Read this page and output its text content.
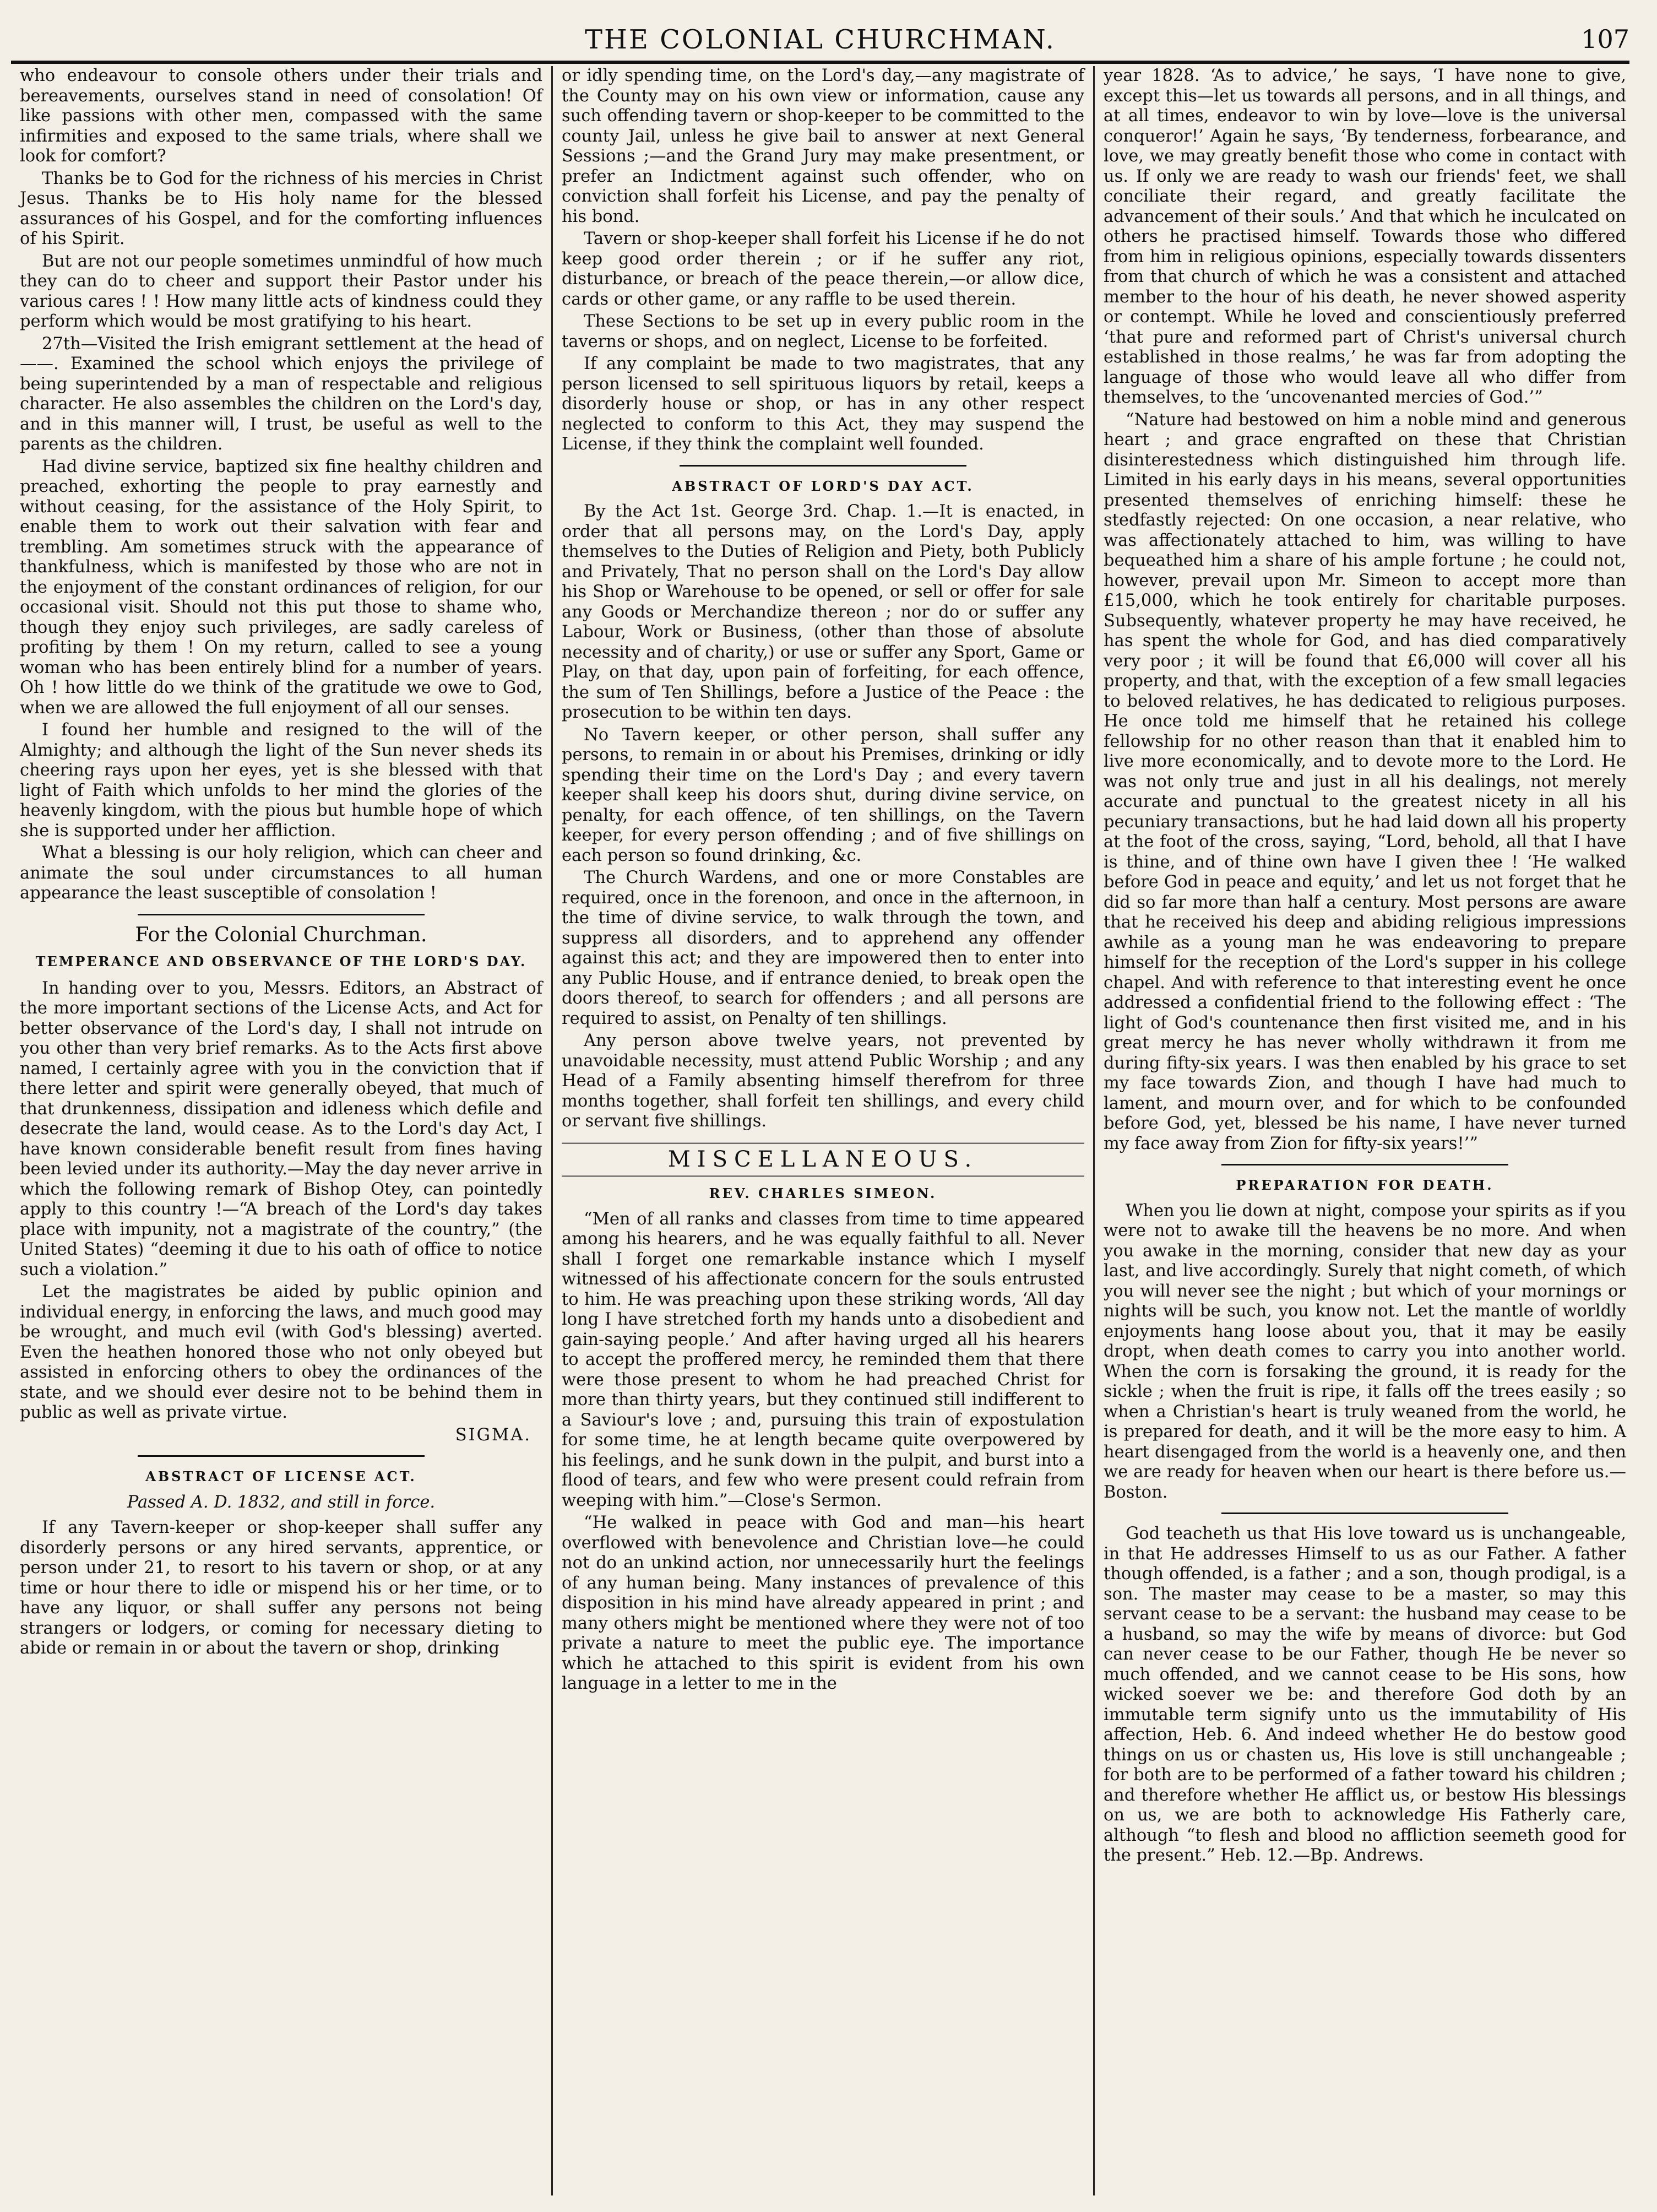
THE COLONIAL CHURCHMAN.	107

who endeavour to console others under their trials and bereavements, ourselves stand in need of consolation! Of like passions with other men, compassed with the same infirmities and exposed to the same trials, where shall we look for comfort?

Thanks be to God for the richness of his mercies in Christ Jesus. Thanks be to His holy name for the blessed assurances of his Gospel, and for the comforting influences of his Spirit.

But are not our people sometimes unmindful of how much they can do to cheer and support their Pastor under his various cares ! ! How many little acts of kindness could they perform which would be most gratifying to his heart.

27th—Visited the Irish emigrant settlement at the head of ——. Examined the school which enjoys the privilege of being superintended by a man of respectable and religious character. He also assembles the children on the Lord's day, and in this manner will, I trust, be useful as well to the parents as the children.

Had divine service, baptized six fine healthy children and preached, exhorting the people to pray earnestly and without ceasing, for the assistance of the Holy Spirit, to enable them to work out their salvation with fear and trembling. Am sometimes struck with the appearance of thankfulness, which is manifested by those who are not in the enjoyment of the constant ordinances of religion, for our occasional visit. Should not this put those to shame who, though they enjoy such privileges, are sadly careless of profiting by them ! On my return, called to see a young woman who has been entirely blind for a number of years. Oh ! how little do we think of the gratitude we owe to God, when we are allowed the full enjoyment of all our senses.

I found her humble and resigned to the will of the Almighty; and although the light of the Sun never sheds its cheering rays upon her eyes, yet is she blessed with that light of Faith which unfolds to her mind the glories of the heavenly kingdom, with the pious but humble hope of which she is supported under her affliction.

What a blessing is our holy religion, which can cheer and animate the soul under circumstances to all human appearance the least susceptible of consolation !

For the Colonial Churchman.
TEMPERANCE AND OBSERVANCE OF THE LORD'S DAY.

In handing over to you, Messrs. Editors, an Abstract of the more important sections of the License Acts, and Act for better observance of the Lord's day, I shall not intrude on you other than very brief remarks. As to the Acts first above named, I certainly agree with you in the conviction that if there letter and spirit were generally obeyed, that much of that drunkenness, dissipation and idleness which defile and desecrate the land, would cease. As to the Lord's day Act, I have known considerable benefit result from fines having been levied under its authority.—May the day never arrive in which the following remark of Bishop Otey, can pointedly apply to this country !—“A breach of the Lord's day takes place with impunity, not a magistrate of the country,” (the United States) “deeming it due to his oath of office to notice such a violation.”

Let the magistrates be aided by public opinion and individual energy, in enforcing the laws, and much good may be wrought, and much evil (with God's blessing) averted. Even the heathen honored those who not only obeyed but assisted in enforcing others to obey the ordinances of the state, and we should ever desire not to be behind them in public as well as private virtue.

SIGMA.
ABSTRACT OF LICENSE ACT.
Passed A. D. 1832, and still in force.

If any Tavern-keeper or shop-keeper shall suffer any disorderly persons or any hired servants, apprentice, or person under 21, to resort to his tavern or shop, or at any time or hour there to idle or mispend his or her time, or to have any liquor, or shall suffer any persons not being strangers or lodgers, or coming for necessary dieting to abide or remain in or about the tavern or shop, drinking

or idly spending time, on the Lord's day,—any magistrate of the County may on his own view or information, cause any such offending tavern or shop-keeper to be committed to the county Jail, unless he give bail to answer at next General Sessions ;—and the Grand Jury may make presentment, or prefer an Indictment against such offender, who on conviction shall forfeit his License, and pay the penalty of his bond.

Tavern or shop-keeper shall forfeit his License if he do not keep good order therein ; or if he suffer any riot, disturbance, or breach of the peace therein,—or allow dice, cards or other game, or any raffle to be used therein.

These Sections to be set up in every public room in the taverns or shops, and on neglect, License to be forfeited.

If any complaint be made to two magistrates, that any person licensed to sell spirituous liquors by retail, keeps a disorderly house or shop, or has in any other respect neglected to conform to this Act, they may suspend the License, if they think the complaint well founded.

ABSTRACT OF LORD'S DAY ACT.

By the Act 1st. George 3rd. Chap. 1.—It is enacted, in order that all persons may, on the Lord's Day, apply themselves to the Duties of Religion and Piety, both Publicly and Privately, That no person shall on the Lord's Day allow his Shop or Warehouse to be opened, or sell or offer for sale any Goods or Merchandize thereon ; nor do or suffer any Labour, Work or Business, (other than those of absolute necessity and of charity,) or use or suffer any Sport, Game or Play, on that day, upon pain of forfeiting, for each offence, the sum of Ten Shillings, before a Justice of the Peace : the prosecution to be within ten days.

No Tavern keeper, or other person, shall suffer any persons, to remain in or about his Premises, drinking or idly spending their time on the Lord's Day ; and every tavern keeper shall keep his doors shut, during divine service, on penalty, for each offence, of ten shillings, on the Tavern keeper, for every person offending ; and of five shillings on each person so found drinking, &c.

The Church Wardens, and one or more Constables are required, once in the forenoon, and once in the afternoon, in the time of divine service, to walk through the town, and suppress all disorders, and to apprehend any offender against this act; and they are impowered then to enter into any Public House, and if entrance denied, to break open the doors thereof, to search for offenders ; and all persons are required to assist, on Penalty of ten shillings.

Any person above twelve years, not prevented by unavoidable necessity, must attend Public Worship ; and any Head of a Family absenting himself therefrom for three months together, shall forfeit ten shillings, and every child or servant five shillings.

MISCELLANEOUS.
REV. CHARLES SIMEON.

“Men of all ranks and classes from time to time appeared among his hearers, and he was equally faithful to all. Never shall I forget one remarkable instance which I myself witnessed of his affectionate concern for the souls entrusted to him. He was preaching upon these striking words, ‘All day long I have stretched forth my hands unto a disobedient and gain-saying people.’ And after having urged all his hearers to accept the proffered mercy, he reminded them that there were those present to whom he had preached Christ for more than thirty years, but they continued still indifferent to a Saviour's love ; and, pursuing this train of expostulation for some time, he at length became quite overpowered by his feelings, and he sunk down in the pulpit, and burst into a flood of tears, and few who were present could refrain from weeping with him.”—Close's Sermon.

“He walked in peace with God and man—his heart overflowed with benevolence and Christian love—he could not do an unkind action, nor unnecessarily hurt the feelings of any human being. Many instances of prevalence of this disposition in his mind have already appeared in print ; and many others might be mentioned where they were not of too private a nature to meet the public eye. The importance which he attached to this spirit is evident from his own language in a letter to me in the

year 1828. ‘As to advice,’ he says, ‘I have none to give, except this—let us towards all persons, and in all things, and at all times, endeavor to win by love—love is the universal conqueror!’ Again he says, ‘By tenderness, forbearance, and love, we may greatly benefit those who come in contact with us. If only we are ready to wash our friends' feet, we shall conciliate their regard, and greatly facilitate the advancement of their souls.’ And that which he inculcated on others he practised himself. Towards those who differed from him in religious opinions, especially towards dissenters from that church of which he was a consistent and attached member to the hour of his death, he never showed asperity or contempt. While he loved and conscientiously preferred ‘that pure and reformed part of Christ's universal church established in those realms,’ he was far from adopting the language of those who would leave all who differ from themselves, to the ‘uncovenanted mercies of God.’”

“Nature had bestowed on him a noble mind and generous heart ; and grace engrafted on these that Christian disinterestedness which distinguished him through life. Limited in his early days in his means, several opportunities presented themselves of enriching himself: these he stedfastly rejected: On one occasion, a near relative, who was affectionately attached to him, was willing to have bequeathed him a share of his ample fortune ; he could not, however, prevail upon Mr. Simeon to accept more than £15,000, which he took entirely for charitable purposes. Subsequently, whatever property he may have received, he has spent the whole for God, and has died comparatively very poor ; it will be found that £6,000 will cover all his property, and that, with the exception of a few small legacies to beloved relatives, he has dedicated to religious purposes. He once told me himself that he retained his college fellowship for no other reason than that it enabled him to live more economically, and to devote more to the Lord. He was not only true and just in all his dealings, not merely accurate and punctual to the greatest nicety in all his pecuniary transactions, but he had laid down all his property at the foot of the cross, saying, “Lord, behold, all that I have is thine, and of thine own have I given thee ! ‘He walked before God in peace and equity,’ and let us not forget that he did so far more than half a century. Most persons are aware that he received his deep and abiding religious impressions awhile as a young man he was endeavoring to prepare himself for the reception of the Lord's supper in his college chapel. And with reference to that interesting event he once addressed a confidential friend to the following effect : ‘The light of God's countenance then first visited me, and in his great mercy he has never wholly withdrawn it from me during fifty-six years. I was then enabled by his grace to set my face towards Zion, and though I have had much to lament, and mourn over, and for which to be confounded before God, yet, blessed be his name, I have never turned my face away from Zion for fifty-six years!’”

PREPARATION FOR DEATH.

When you lie down at night, compose your spirits as if you were not to awake till the heavens be no more. And when you awake in the morning, consider that new day as your last, and live accordingly. Surely that night cometh, of which you will never see the night ; but which of your mornings or nights will be such, you know not. Let the mantle of worldly enjoyments hang loose about you, that it may be easily dropt, when death comes to carry you into another world. When the corn is forsaking the ground, it is ready for the sickle ; when the fruit is ripe, it falls off the trees easily ; so when a Christian's heart is truly weaned from the world, he is prepared for death, and it will be the more easy to him. A heart disengaged from the world is a heavenly one, and then we are ready for heaven when our heart is there before us.—Boston.

God teacheth us that His love toward us is unchangeable, in that He addresses Himself to us as our Father. A father though offended, is a father ; and a son, though prodigal, is a son. The master may cease to be a master, so may this servant cease to be a servant: the husband may cease to be a husband, so may the wife by means of divorce: but God can never cease to be our Father, though He be never so much offended, and we cannot cease to be His sons, how wicked soever we be: and therefore God doth by an immutable term signify unto us the immutability of His affection, Heb. 6. And indeed whether He do bestow good things on us or chasten us, His love is still unchangeable ; for both are to be performed of a father toward his children ; and therefore whether He afflict us, or bestow His blessings on us, we are both to acknowledge His Fatherly care, although “to flesh and blood no affliction seemeth good for the present.” Heb. 12.—Bp. Andrews.
